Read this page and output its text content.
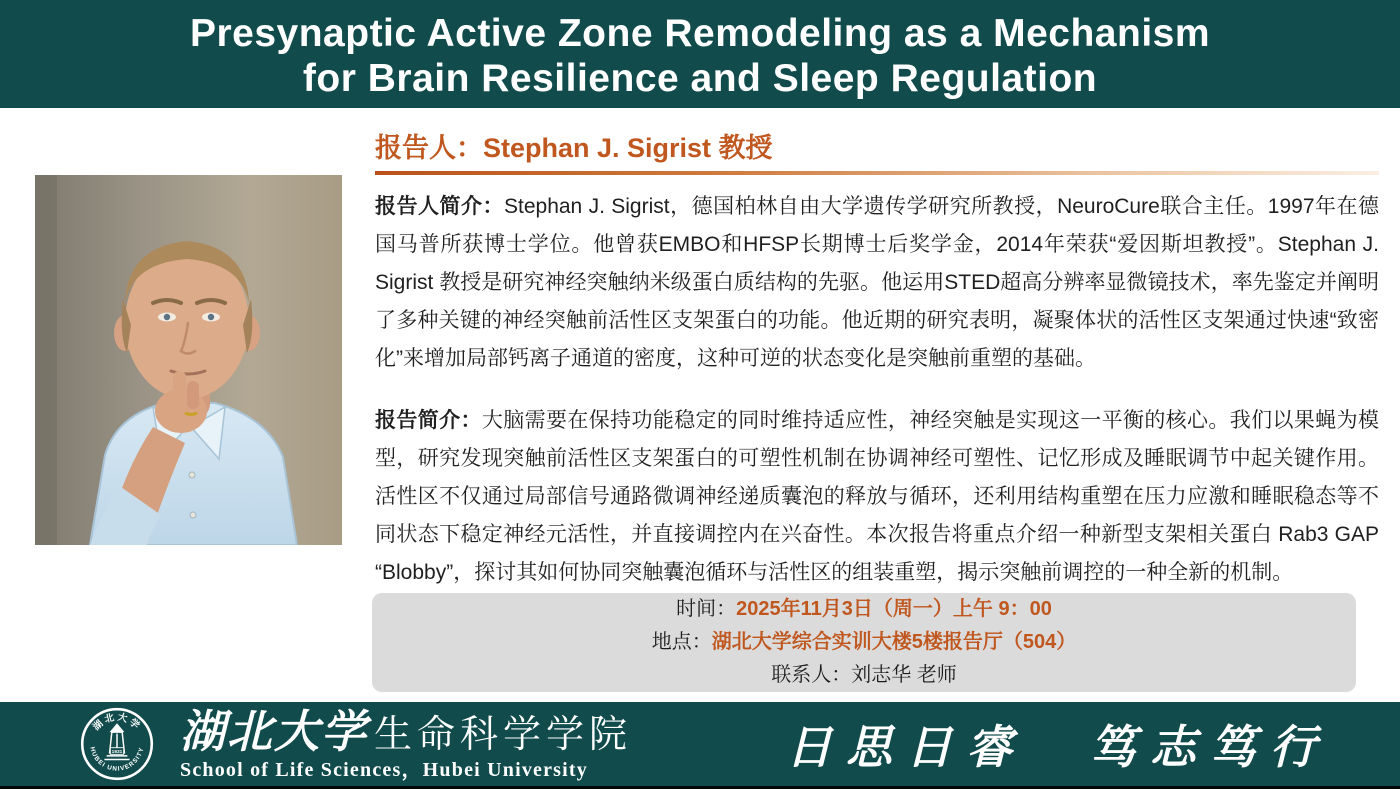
Presynaptic Active Zone Remodeling as a Mechanism
for Brain Resilience and Sleep Regulation
报告人：Stephan J. Sigrist 教授

报告人简介：Stephan J. Sigrist，德国柏林自由大学遗传学研究所教授，NeuroCure联合主任。1997年在德国马普所获博士学位。他曾获EMBO和HFSP长期博士后奖学金，2014年荣获“爱因斯坦教授”。Stephan J. Sigrist 教授是研究神经突触纳米级蛋白质结构的先驱。他运用STED超高分辨率显微镜技术，率先鉴定并阐明了多种关键的神经突触前活性区支架蛋白的功能。他近期的研究表明，凝聚体状的活性区支架通过快速“致密化”来增加局部钙离子通道的密度，这种可逆的状态变化是突触前重塑的基础。

报告简介：大脑需要在保持功能稳定的同时维持适应性，神经突触是实现这一平衡的核心。我们以果蝇为模型，研究发现突触前活性区支架蛋白的可塑性机制在协调神经可塑性、记忆形成及睡眠调节中起关键作用。活性区不仅通过局部信号通路微调神经递质囊泡的释放与循环，还利用结构重塑在压力应激和睡眠稳态等不同状态下稳定神经元活性，并直接调控内在兴奋性。本次报告将重点介绍一种新型支架相关蛋白 Rab3 GAP “Blobby”，探讨其如何协同突触囊泡循环与活性区的组装重塑，揭示突触前调控的一种全新的机制。

时间：2025年11月3日（周一）上午 9：00
地点：湖北大学综合实训大楼5楼报告厅（504）
联系人：刘志华 老师
湖北大学
HUBEI UNIVERSITY
1931 湖北大学 生命科学学院
School of Life Sciences，Hubei University	日思日睿 笃志笃行
